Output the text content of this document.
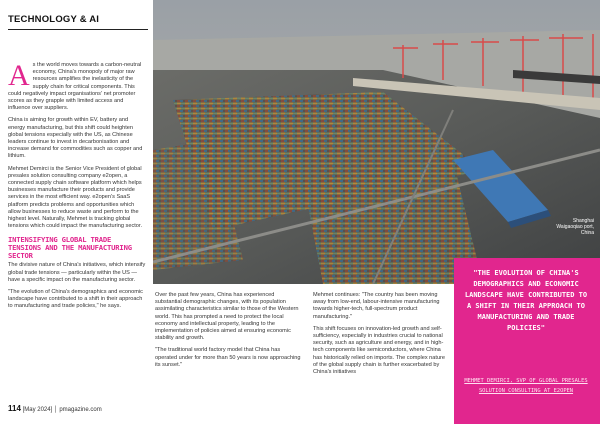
TECHNOLOGY & AI

As the world moves towards a carbon-neutral economy, China's monopoly of major raw resources amplifies the inelasticity of the supply chain for critical components. This could negatively impact organisations' net promoter scores as they grapple with limited access and influence over suppliers.

China is aiming for growth within EV, battery and energy manufacturing, but this shift could heighten global tensions especially with the US, as Chinese leaders continue to invest in decarbonisation and increase demand for commodities such as copper and lithium.

Mehmet Demirci is the Senior Vice President of global presales solution consulting company e2open, a connected supply chain software platform which helps businesses manufacture their products and provide services in the most efficient way. e2open's SaaS platform predicts problems and opportunities which allow businesses to reduce waste and perform to the highest level. Naturally, Mehmet is tracking global tensions which could impact the manufacturing sector.

INTENSIFYING GLOBAL TRADE TENSIONS AND THE MANUFACTURING SECTOR

The divisive nature of China's initiatives, which intensify global trade tensions — particularly within the US — have a specific impact on the manufacturing sector.

"The evolution of China's demographics and economic landscape have contributed to a shift in their approach to manufacturing and trade policies," he says.

Shanghai Waigaoqiao port, China

Over the past few years, China has experienced substantial demographic changes, with its population assimilating characteristics similar to those of the Western world. This has prompted a need to protect the local economy and intellectual property, leading to the implementation of policies aimed at ensuring economic stability and growth.

"The traditional world factory model that China has operated under for more than 50 years is now approaching its sunset."

Mehmet continues: "The country has been moving away from low-end, labour-intensive manufacturing towards higher-tech, full-spectrum product manufacturing."

This shift focuses on innovation-led growth and self-sufficiency, especially in industries crucial to national security, such as agriculture and energy, and in high-tech components like semiconductors, where China has historically relied on imports. The complex nature of the global supply chain is further exacerbated by China's initiatives

"THE EVOLUTION OF CHINA'S DEMOGRAPHICS AND ECONOMIC LANDSCAPE HAVE CONTRIBUTED TO A SHIFT IN THEIR APPROACH TO MANUFACTURING AND TRADE POLICIES"
MEHMET DEMIRCI, SVP OF GLOBAL PRESALES SOLUTION CONSULTING AT E2OPEN
114 [May 2024] │ pmagazine.com
